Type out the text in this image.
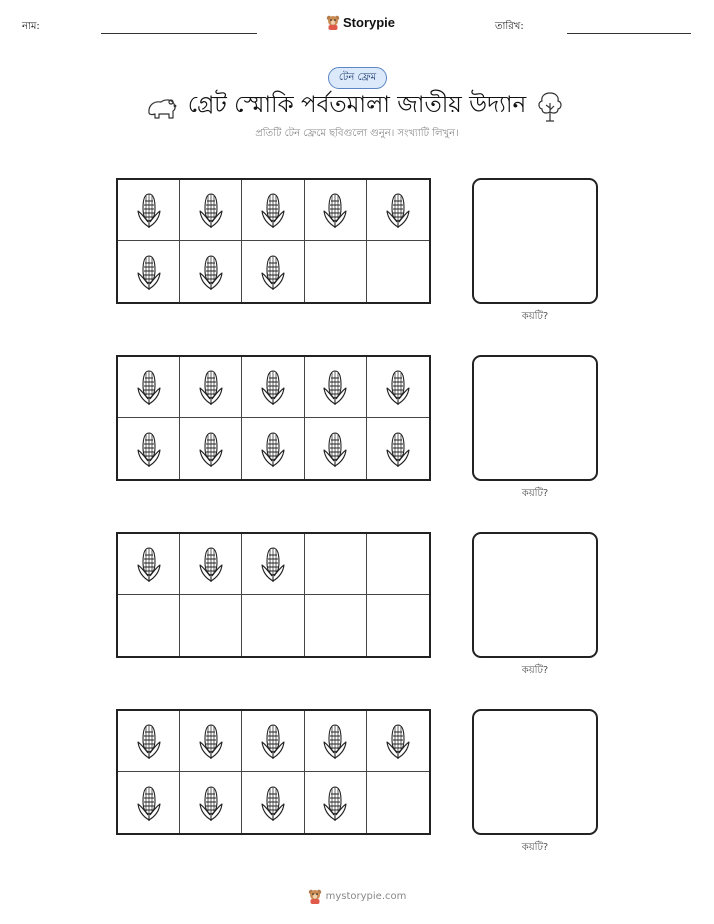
নাম:	Storypie	তারিখ:
টেন ফ্রেম
গ্রেট স্মোকি পর্বতমালা জাতীয় উদ্যান
প্রতিটি টেন ফ্রেমে ছবিগুলো গুনুন। সংখ্যাটি লিখুন।
কয়টি?
কয়টি?
কয়টি?
কয়টি?
mystorypie.com
